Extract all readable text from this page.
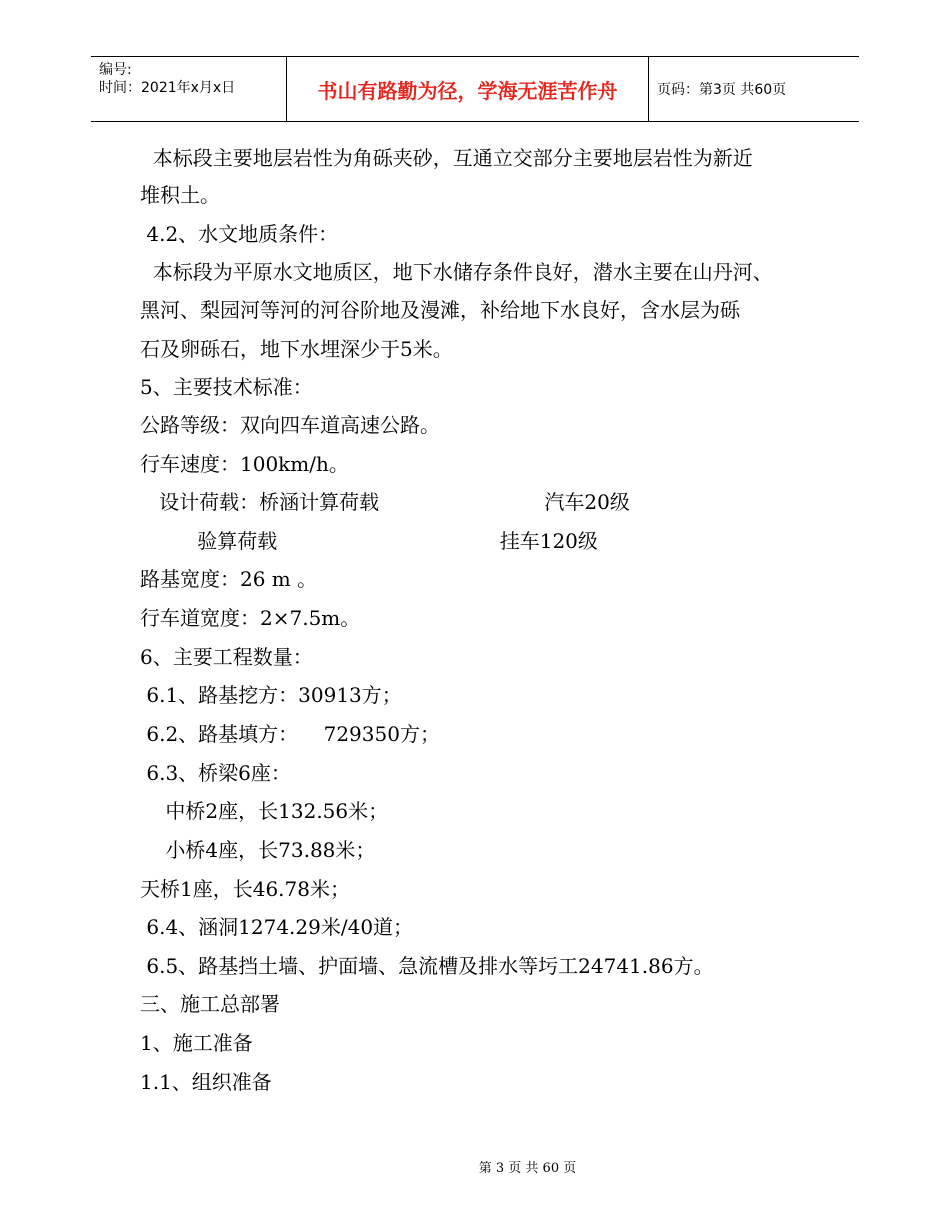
编号:
时间：2021年x月x日	书山有路勤为径，学海无涯苦作舟	页码：第3页 共60页
本标段主要地层岩性为角砾夹砂，互通立交部分主要地层岩性为新近
堆积土。
4.2、水文地质条件：
本标段为平原水文地质区，地下水储存条件良好，潜水主要在山丹河、
黑河、梨园河等河的河谷阶地及漫滩，补给地下水良好，含水层为砾
石及卵砾石，地下水埋深少于5米。
5、主要技术标准：
公路等级：双向四车道高速公路。
行车速度：100km/h。
设计荷载：桥涵计算荷载                          汽车20级
验算荷载                                   挂车120级
路基宽度：26 m 。
行车道宽度：2×7.5m。
6、主要工程数量：
6.1、路基挖方：30913方；
6.2、路基填方：    729350方；
6.3、桥梁6座：
中桥2座，长132.56米；
小桥4座，长73.88米；
天桥1座，长46.78米；
6.4、涵洞1274.29米/40道；
6.5、路基挡土墙、护面墙、急流槽及排水等圬工24741.86方。
三、施工总部署
1、施工准备
1.1、组织准备
第 3 页 共 60 页
